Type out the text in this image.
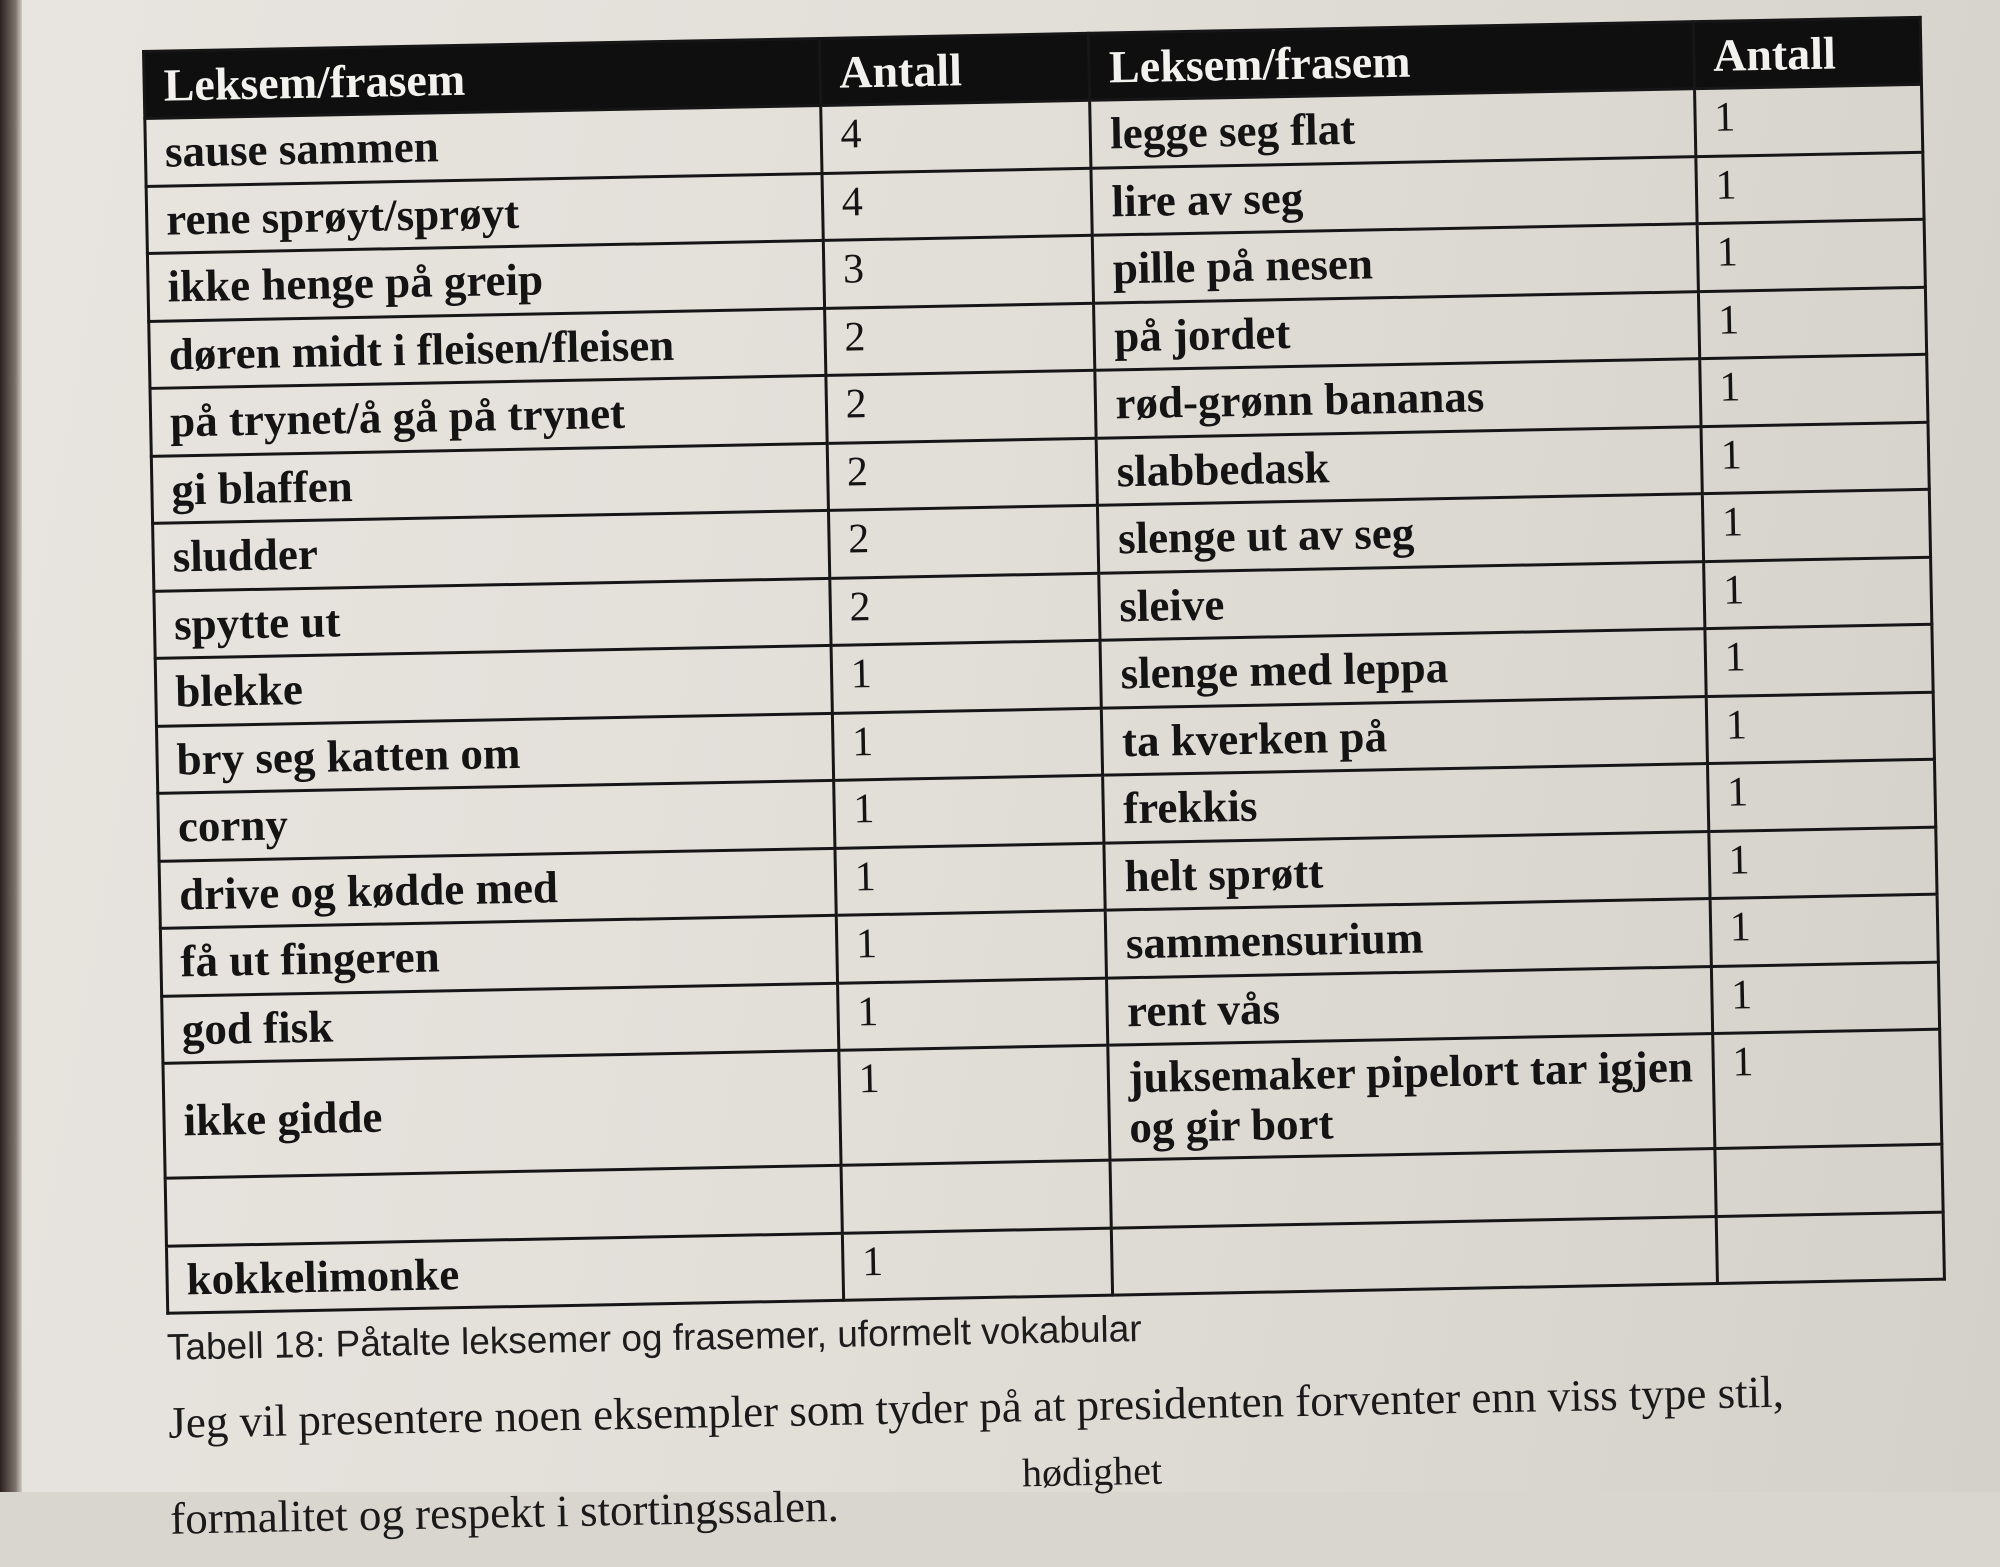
Leksem/frasem	Antall	Leksem/frasem	Antall
sause sammen	4	legge seg flat	1
rene sprøyt/sprøyt	4	lire av seg	1
ikke henge på greip	3	pille på nesen	1
døren midt i fleisen/fleisen	2	på jordet	1
på trynet/å gå på trynet	2	rød-grønn bananas	1
gi blaffen	2	slabbedask	1
sludder	2	slenge ut av seg	1
spytte ut	2	sleive	1
blekke	1	slenge med leppa	1
bry seg katten om	1	ta kverken på	1
corny	1	frekkis	1
drive og kødde med	1	helt sprøtt	1
få ut fingeren	1	sammensurium	1
god fisk	1	rent vås	1
ikke gidde	1	juksemaker pipelort tar igjen og gir bort	1

kokkelimonke	1		
Tabell 18: Påtalte leksemer og frasemer, uformelt vokabular

Jeg vil presentere noen eksempler som tyder på at presidenten forventer enn viss type stil,

formalitet og respekt i stortingssalen.

hødighet
